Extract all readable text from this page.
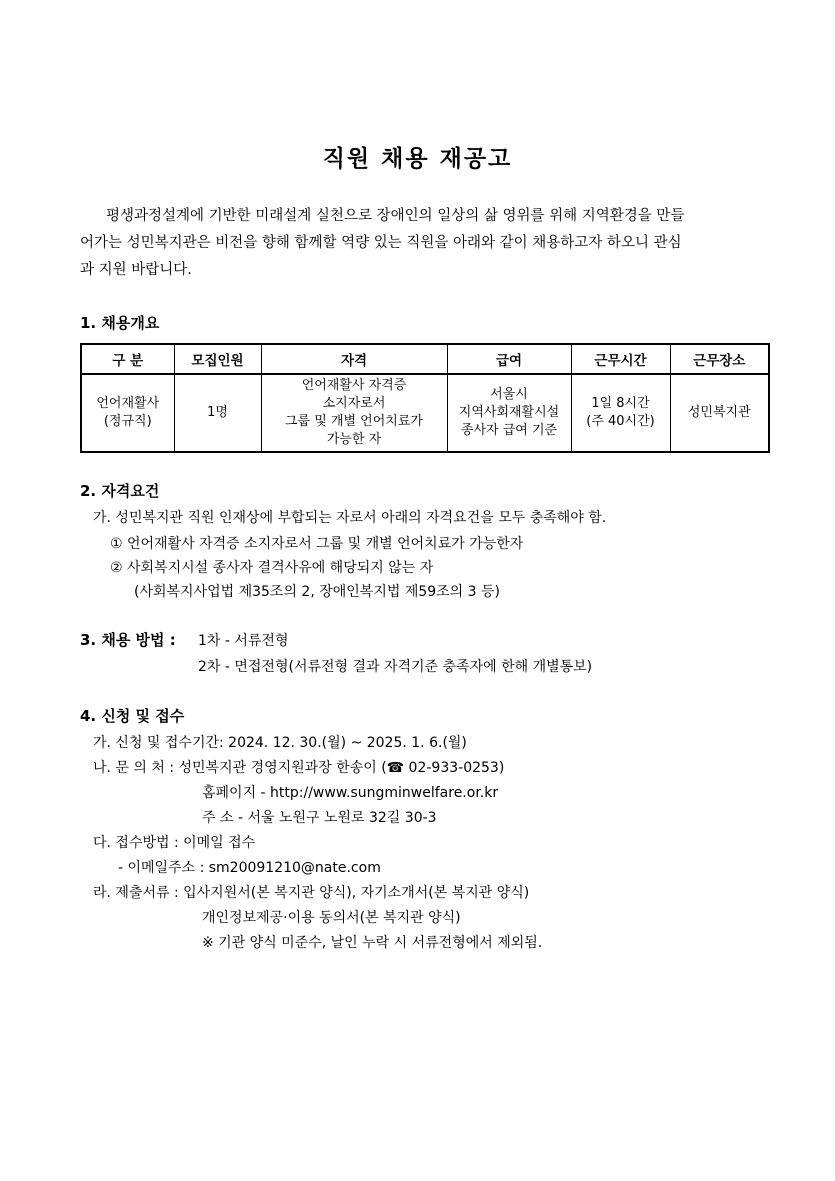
직원 채용 재공고
평생과정설계에 기반한 미래설계 실천으로 장애인의 일상의 삶 영위를 위해 지역환경을 만들
어가는 성민복지관은 비전을 향해 함께할 역량 있는 직원을 아래와 같이 채용하고자 하오니 관심
과 지원 바랍니다.
1. 채용개요
구 분	모집인원	자격	급여	근무시간	근무장소

언어재활사
(정규직)	1명	언어재활사 자격증
소지자로서
그룹 및 개별 언어치료가
가능한 자	서울시
지역사회재활시설
종사자 급여 기준	1일 8시간
(주 40시간)	성민복지관
2. 자격요건
가. 성민복지관 직원 인재상에 부합되는 자로서 아래의 자격요건을 모두 충족해야 함.
① 언어재활사 자격증 소지자로서 그룹 및 개별 언어치료가 가능한자
② 사회복지시설 종사자 결격사유에 해당되지 않는 자
(사회복지사업법 제35조의 2, 장애인복지법 제59조의 3 등)
3. 채용 방법 : 1차 - 서류전형
2차 - 면접전형(서류전형 결과 자격기준 충족자에 한해 개별통보)
4. 신청 및 접수
가. 신청 및 접수기간: 2024. 12. 30.(월) ~ 2025. 1. 6.(월)
나. 문 의 처 : 성민복지관 경영지원과장 한송이 (☎ 02-933-0253)
홈페이지 - http://www.sungminwelfare.or.kr
주 소 - 서울 노원구 노원로 32길 30-3
다. 접수방법 : 이메일 접수
- 이메일주소 : sm20091210@nate.com
라. 제출서류 : 입사지원서(본 복지관 양식), 자기소개서(본 복지관 양식)
개인정보제공·이용 동의서(본 복지관 양식)
※ 기관 양식 미준수, 날인 누락 시 서류전형에서 제외됨.
